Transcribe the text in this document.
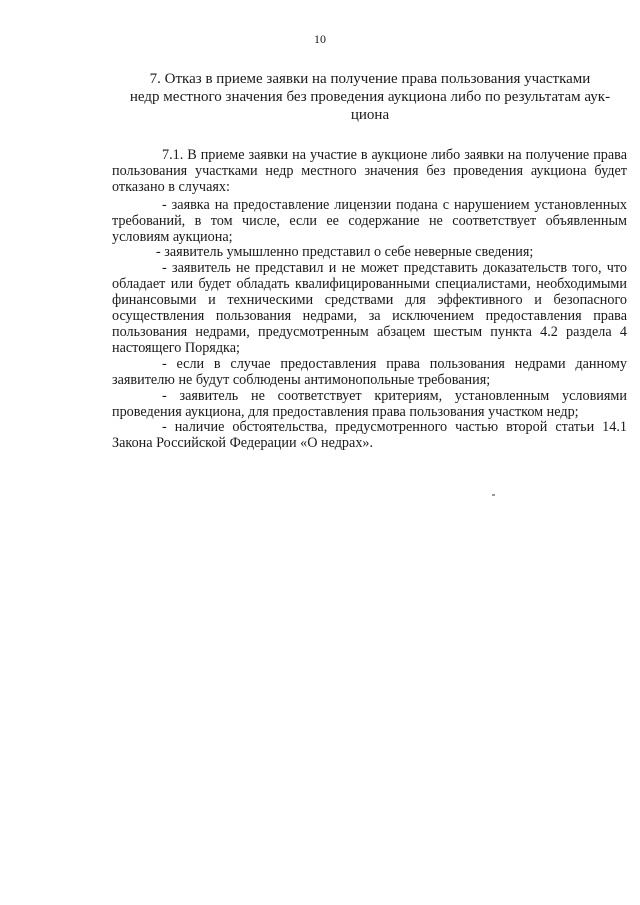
10
7. Отказ в приеме заявки на получение права пользования участками
недр местного значения без проведения аукциона либо по результатам аук-
циона

7.1. В приеме заявки на участие в аукционе либо заявки на получение права пользования участками недр местного значения без проведения аукциона будет отказано в случаях:

- заявка на предоставление лицензии подана с нарушением установленных требований, в том числе, если ее содержание не соответствует объявленным условиям аукциона;

- заявитель умышленно представил о себе неверные сведения;

- заявитель не представил и не может представить доказательств того, что обладает или будет обладать квалифицированными специалистами, необходимыми финансовыми и техническими средствами для эффективного и безопасного осуществления пользования недрами, за исключением предоставления права пользования недрами, предусмотренным абзацем шестым пункта 4.2 раздела 4 настоящего Порядка;

- если в случае предоставления права пользования недрами данному заявителю не будут соблюдены антимонопольные требования;

- заявитель не соответствует критериям, установленным условиями проведения аукциона, для предоставления права пользования участком недр;

- наличие обстоятельства, предусмотренного частью второй статьи 14.1 Закона Российской Федерации «О недрах».
